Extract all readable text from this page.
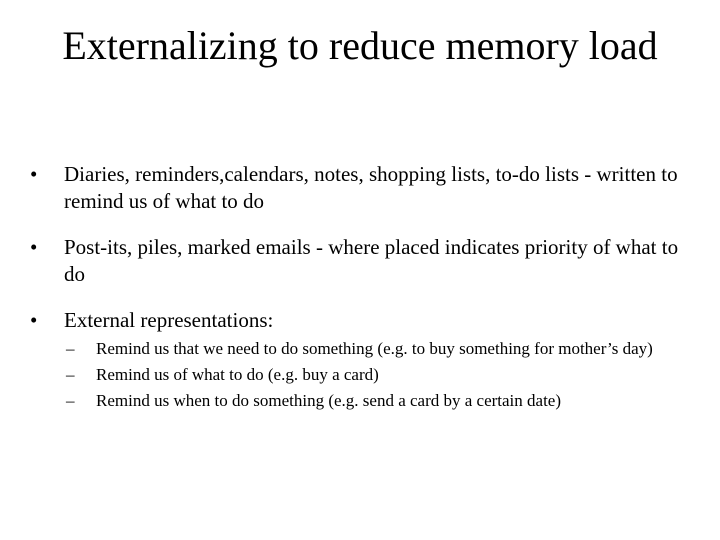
Externalizing to reduce memory load
• Diaries, reminders,calendars, notes, shopping lists, to-do lists - written to remind us of what to do
• Post-its, piles, marked emails - where placed indicates priority of what to do
• External representations:
– Remind us that we need to do something (e.g. to buy something for mother’s day)
– Remind us of what to do (e.g. buy a card)
– Remind us when to do something (e.g. send a card by a certain date)
